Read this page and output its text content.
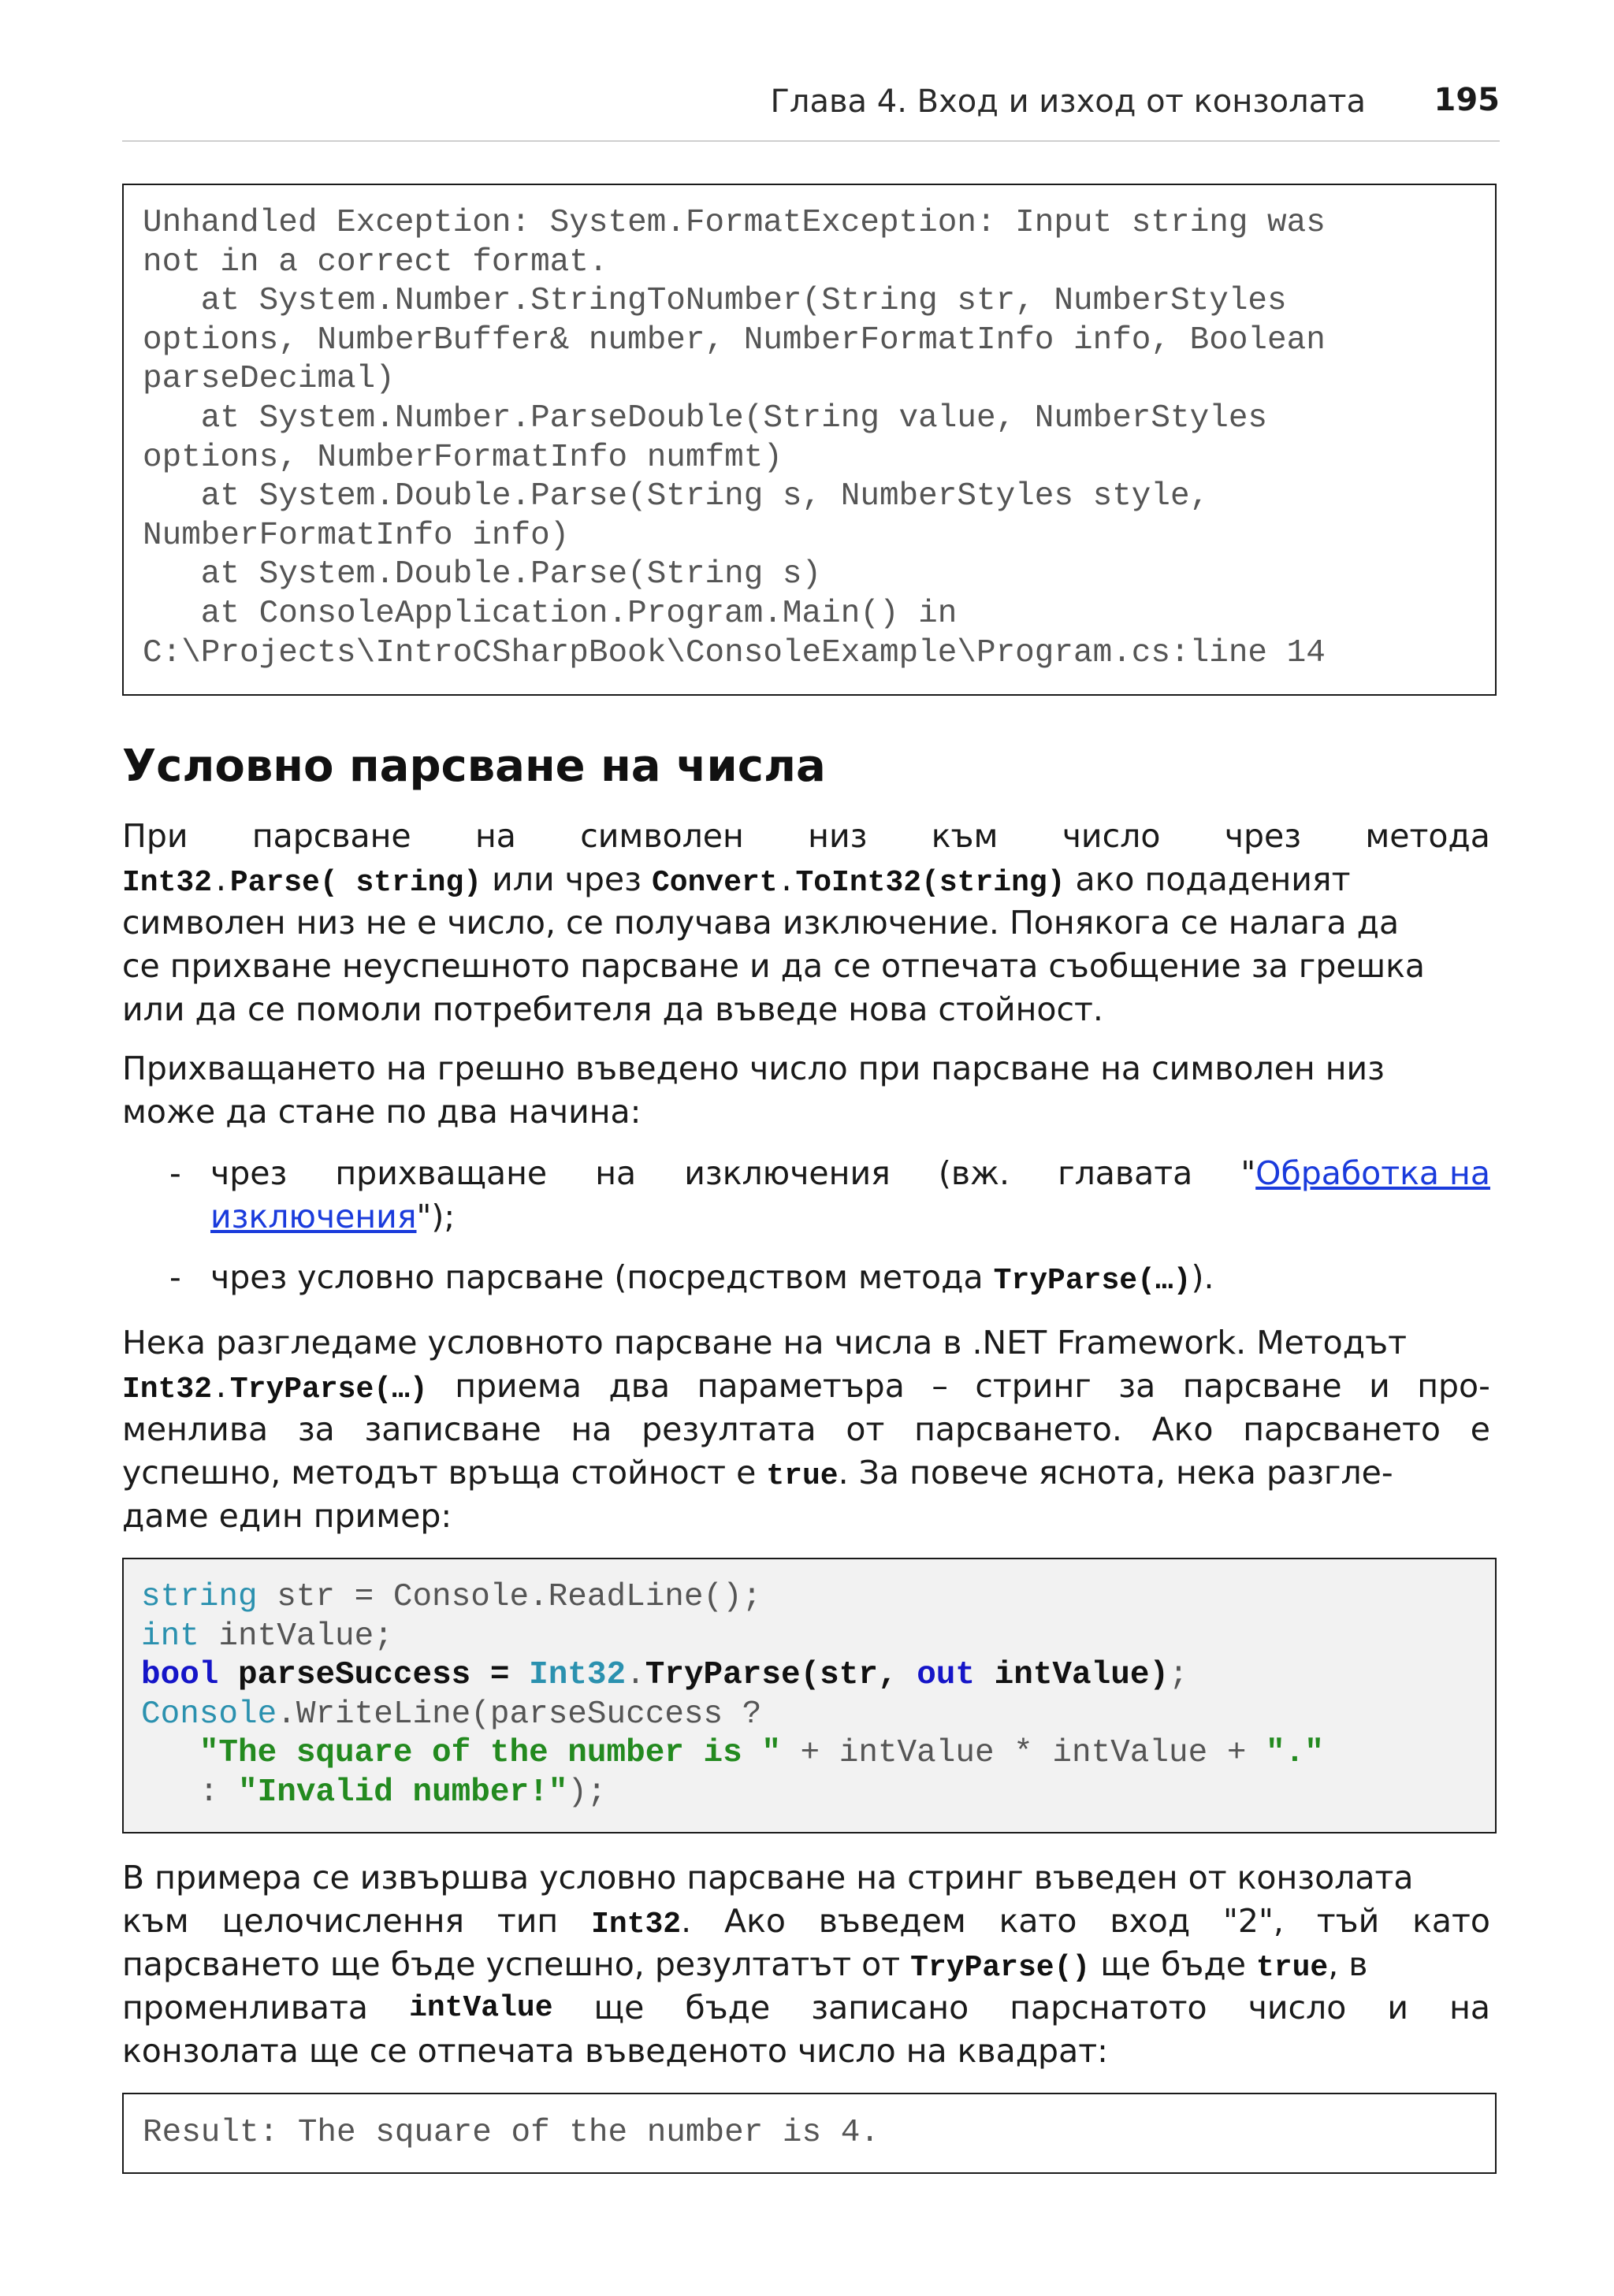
Глава 4. Вход и изход от конзолата 195
Unhandled Exception: System.FormatException: Input string was
not in a correct format.
at System.Number.StringToNumber(String str, NumberStyles
options, NumberBuffer& number, NumberFormatInfo info, Boolean
parseDecimal)
at System.Number.ParseDouble(String value, NumberStyles
options, NumberFormatInfo numfmt)
at System.Double.Parse(String s, NumberStyles style,
NumberFormatInfo info)
at System.Double.Parse(String s)
at ConsoleApplication.Program.Main() in
C:\Projects\IntroCSharpBook\ConsoleExample\Program.cs:line 14
Условно парсване на числа
При парсване на символен низ към число чрез метода
Int32.Parse( string) или чрез Convert.ToInt32(string) ако подаденият
символен низ не е число, се получава изключение. Понякога се налага да
се прихване неуспешното парсване и да се отпечата съобщение за грешка
или да се помоли потребителя да въведе нова стойност.
Прихващането на грешно въведено число при парсване на символен низ
може да стане по два начина:
- чрез прихващане на изключения (вж. главата "Обработка на
изключения");
- чрез условно парсване (посредством метода TryParse(…)).
Нека разгледаме условното парсване на числа в .NET Framework. Методът
Int32.TryParse(…) приема два параметъра – стринг за парсване и про-
менлива за записване на резултата от парсването. Ако парсването е
успешно, методът връща стойност е true. За повече яснота, нека разгле-
даме един пример:
string str = Console.ReadLine();
int intValue;
bool parseSuccess = Int32.TryParse(str, out intValue);
Console.WriteLine(parseSuccess ?
"The square of the number is " + intValue * intValue + "."
: "Invalid number!");
В примера се извършва условно парсване на стринг въведен от конзолата
към целочислення тип Int32. Ако въведем като вход "2", тъй като
парсването ще бъде успешно, резултатът от TryParse() ще бъде true, в
променливата intValue ще бъде записано парснатото число и на
конзолата ще се отпечата въведеното число на квадрат:
Result: The square of the number is 4.
